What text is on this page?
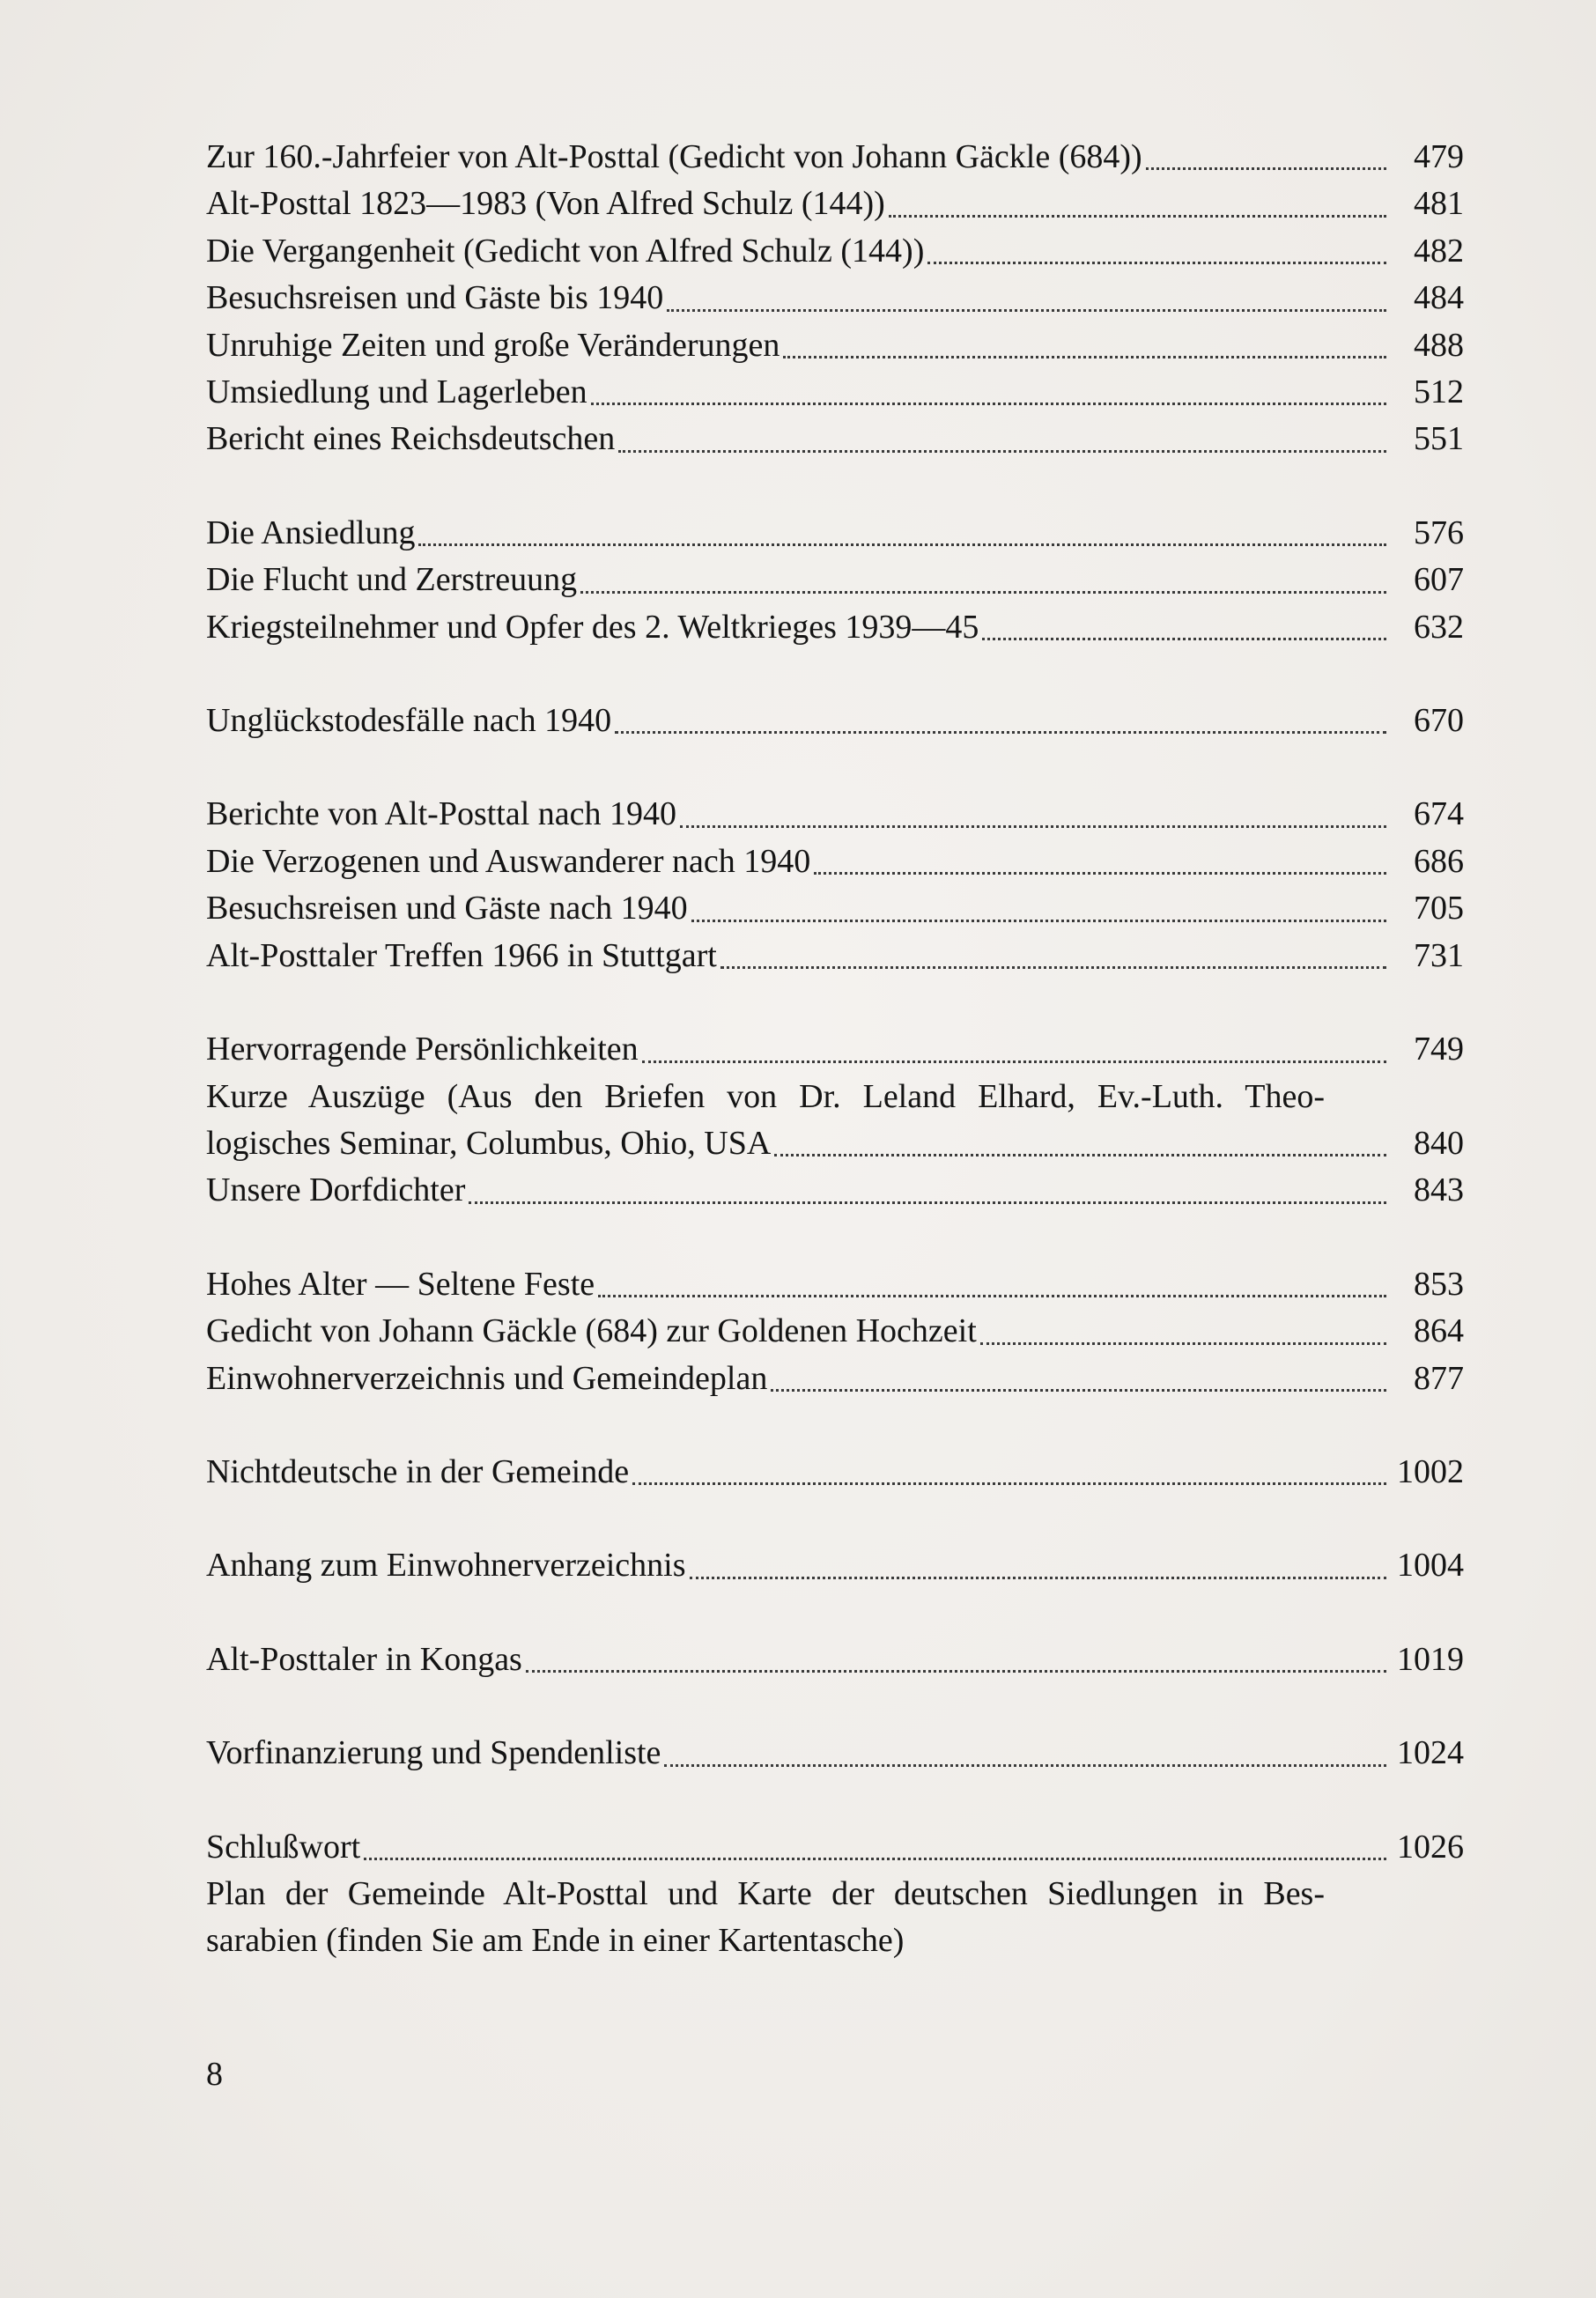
Zur 160.-Jahrfeier von Alt-Posttal (Gedicht von Johann Gäckle (684))	479
Alt-Posttal 1823—1983 (Von Alfred Schulz (144))	481
Die Vergangenheit (Gedicht von Alfred Schulz (144))	482
Besuchsreisen und Gäste bis 1940	484
Unruhige Zeiten und große Veränderungen	488
Umsiedlung und Lagerleben	512
Bericht eines Reichsdeutschen	551
Die Ansiedlung	576
Die Flucht und Zerstreuung	607
Kriegsteilnehmer und Opfer des 2. Weltkrieges 1939—45	632
Unglückstodesfälle nach 1940	670
Berichte von Alt-Posttal nach 1940	674
Die Verzogenen und Auswanderer nach 1940	686
Besuchsreisen und Gäste nach 1940	705
Alt-Posttaler Treffen 1966 in Stuttgart	731
Hervorragende Persönlichkeiten	749
Kurze Auszüge (Aus den Briefen von Dr. Leland Elhard, Ev.-Luth. Theo-
logisches Seminar, Columbus, Ohio, USA	840
Unsere Dorfdichter	843
Hohes Alter — Seltene Feste	853
Gedicht von Johann Gäckle (684) zur Goldenen Hochzeit	864
Einwohnerverzeichnis und Gemeindeplan	877
Nichtdeutsche in der Gemeinde	1002
Anhang zum Einwohnerverzeichnis	1004
Alt-Posttaler in Kongas	1019
Vorfinanzierung und Spendenliste	1024
Schlußwort	1026
Plan der Gemeinde Alt-Posttal und Karte der deutschen Siedlungen in Bes-
sarabien (finden Sie am Ende in einer Kartentasche)
8
